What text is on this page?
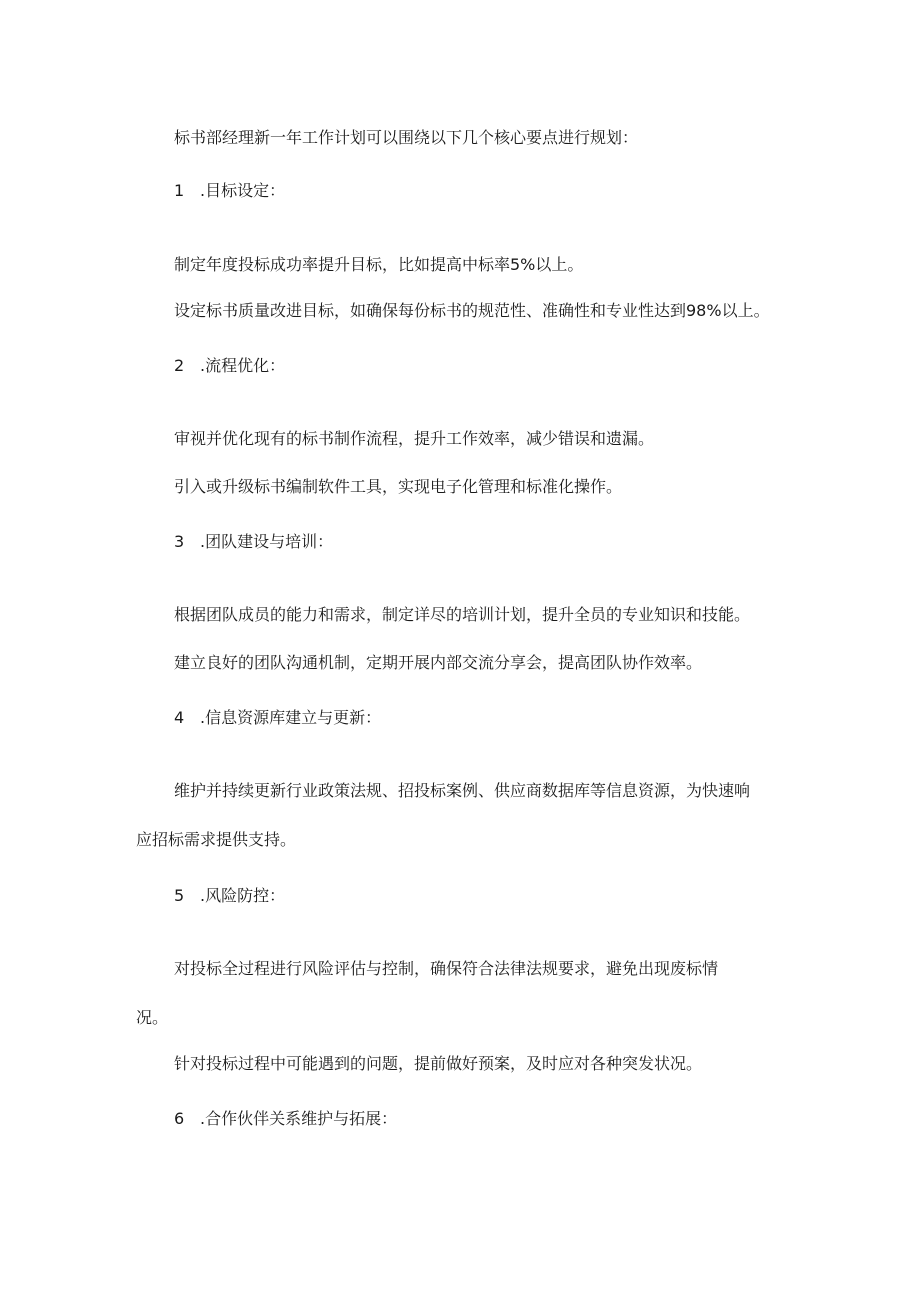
标书部经理新一年工作计划可以围绕以下几个核心要点进行规划：
1 .目标设定：
制定年度投标成功率提升目标，比如提高中标率5%以上。
设定标书质量改进目标，如确保每份标书的规范性、准确性和专业性达到98%以上。
2 .流程优化：
审视并优化现有的标书制作流程，提升工作效率，减少错误和遗漏。
引入或升级标书编制软件工具，实现电子化管理和标准化操作。
3 .团队建设与培训：
根据团队成员的能力和需求，制定详尽的培训计划，提升全员的专业知识和技能。
建立良好的团队沟通机制，定期开展内部交流分享会，提高团队协作效率。
4 .信息资源库建立与更新：
维护并持续更新行业政策法规、招投标案例、供应商数据库等信息资源，为快速响
应招标需求提供支持。
5 .风险防控：
对投标全过程进行风险评估与控制，确保符合法律法规要求，避免出现废标情
况。
针对投标过程中可能遇到的问题，提前做好预案，及时应对各种突发状况。
6 .合作伙伴关系维护与拓展：
